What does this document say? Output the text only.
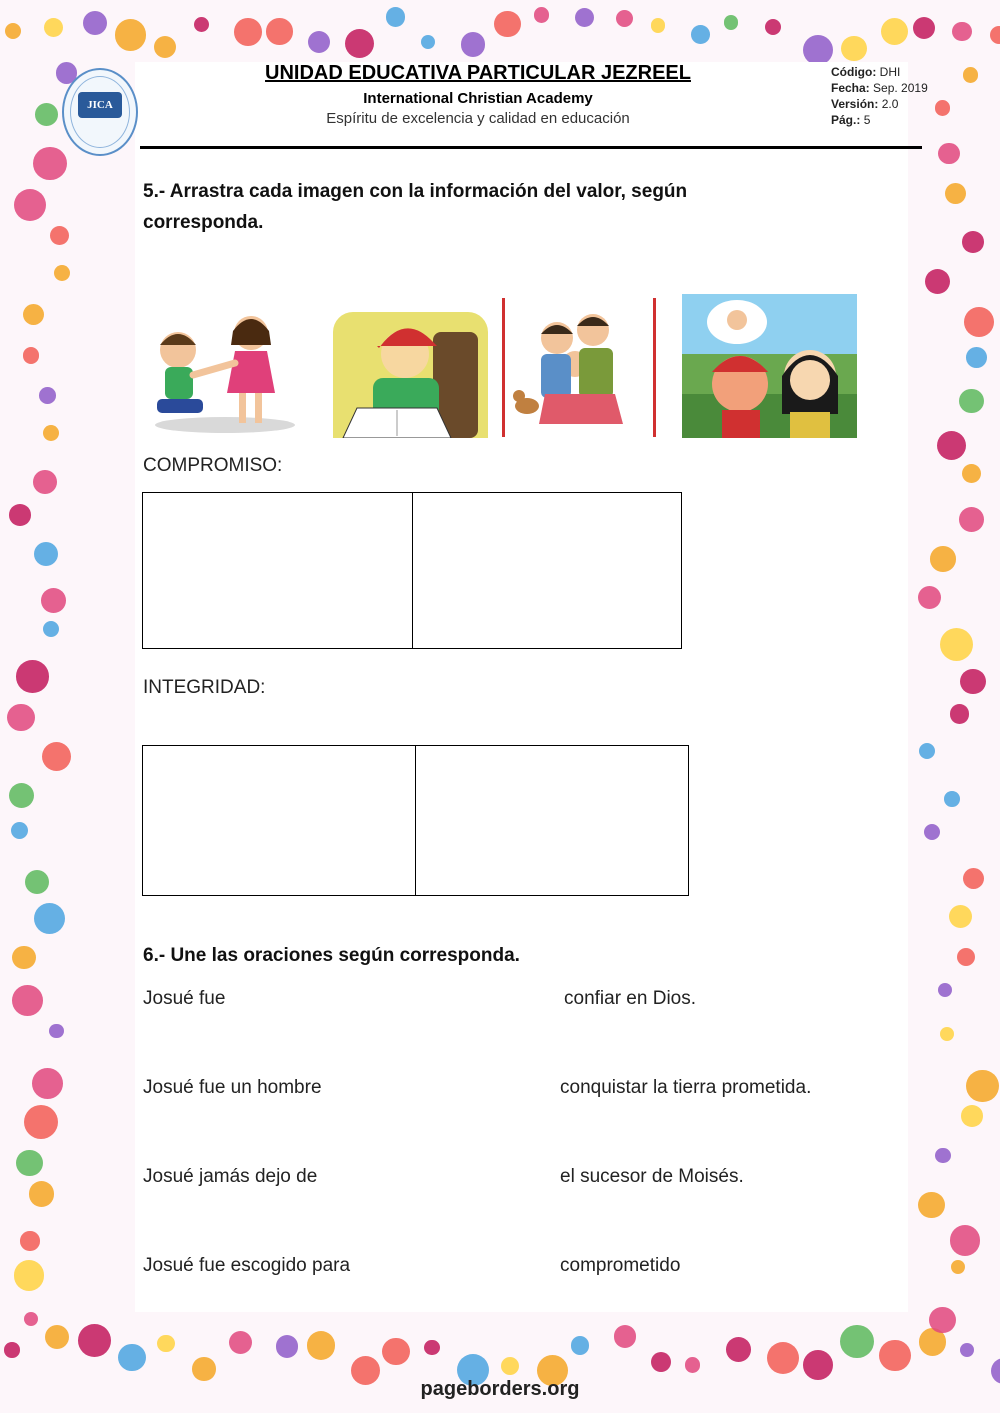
JICA
UNIDAD EDUCATIVA PARTICULAR JEZREEL
International Christian Academy
Espíritu de excelencia y calidad en educación
Código: DHI
Fecha: Sep. 2019
Versión: 2.0
Pág.: 5
5.- Arrastra cada imagen con la información del valor, según corresponda.
COMPROMISO:
INTEGRIDAD:
6.- Une las oraciones según corresponda.
Josué fue
Josué fue un hombre
Josué jamás dejo de
Josué fue escogido para
confiar en Dios.
conquistar la tierra prometida.
el sucesor de Moisés.
comprometido
pageborders.org
